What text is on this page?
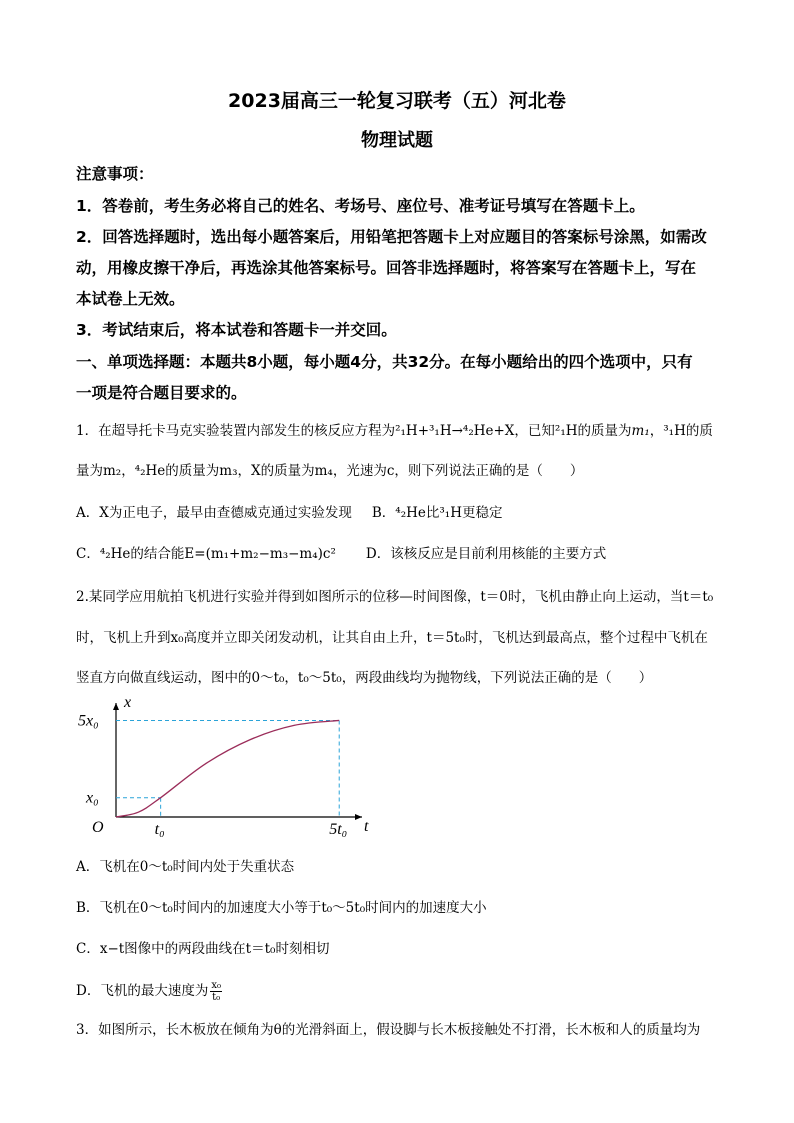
2023届高三一轮复习联考（五）河北卷
物理试题
注意事项：
1．答卷前，考生务必将自己的姓名、考场号、座位号、准考证号填写在答题卡上。
2．回答选择题时，选出每小题答案后，用铅笔把答题卡上对应题目的答案标号涂黑，如需改
动，用橡皮擦干净后，再选涂其他答案标号。回答非选择题时，将答案写在答题卡上，写在
本试卷上无效。
3．考试结束后，将本试卷和答题卡一并交回。
一、单项选择题：本题共8小题，每小题4分，共32分。在每小题给出的四个选项中，只有
一项是符合题目要求的。
1．在超导托卡马克实验装置内部发生的核反应方程为²₁H+³₁H→⁴₂He+X，已知²₁H的质量为m₁，³₁H的质
量为m₂，⁴₂He的质量为m₃，X的质量为m₄，光速为c，则下列说法正确的是（　　）
A．X为正电子，最早由查德威克通过实验发现 B．⁴₂He比³₁H更稳定
C．⁴₂He的结合能E=(m₁+m₂−m₃−m₄)c² D．该核反应是目前利用核能的主要方式
2.某同学应用航拍飞机进行实验并得到如图所示的位移—时间图像，t＝0时，飞机由静止向上运动，当t＝t₀
时，飞机上升到x₀高度并立即关闭发动机，让其自由上升，t＝5t₀时，飞机达到最高点，整个过程中飞机在
竖直方向做直线运动，图中的0～t₀，t₀～5t₀，两段曲线均为抛物线，下列说法正确的是（　　）
x
t
O
x₀
5x₀
t₀	5t₀
A．飞机在0～t₀时间内处于失重状态
B．飞机在0～t₀时间内的加速度大小等于t₀～5t₀时间内的加速度大小
C．x−t图像中的两段曲线在t＝t₀时刻相切
D．飞机的最大速度为 $\frac{\text{x₀}}{\text{t₀}}$
3．如图所示，长木板放在倾角为θ的光滑斜面上，假设脚与长木板接触处不打滑，长木板和人的质量均为
